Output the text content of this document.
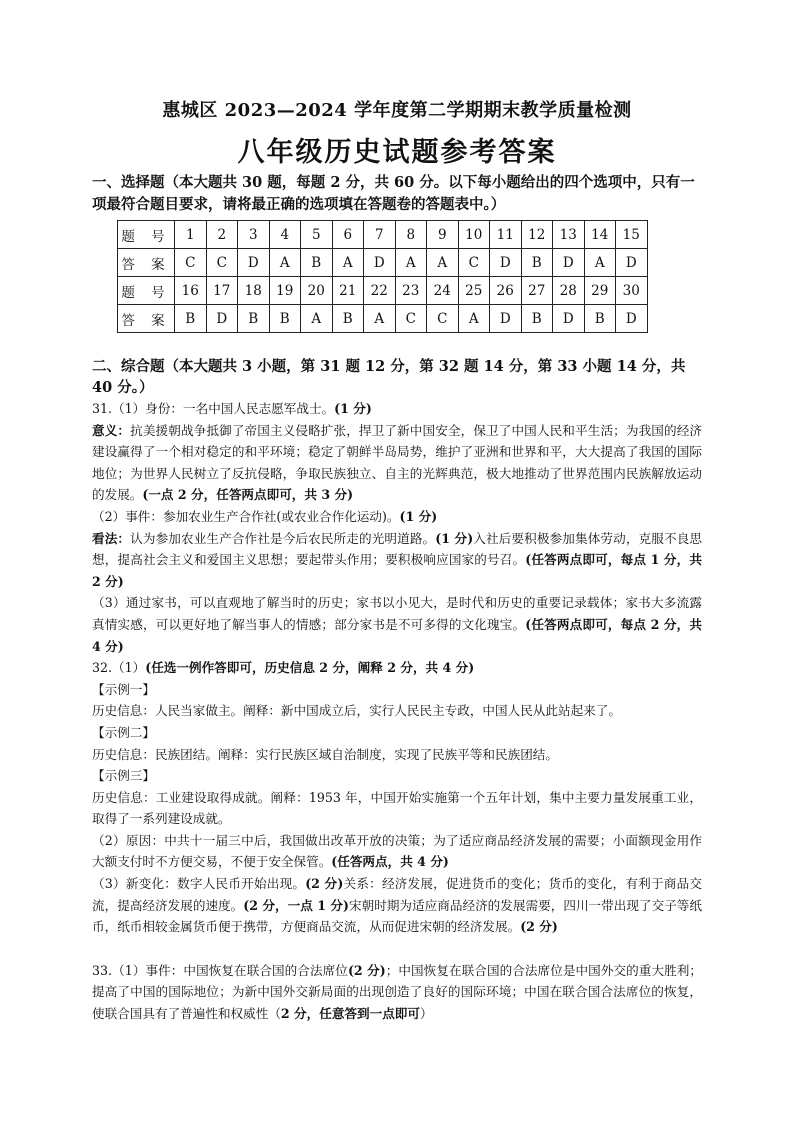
惠城区 2023—2024 学年度第二学期期末教学质量检测
八年级历史试题参考答案
一、选择题（本大题共 30 题，每题 2 分，共 60 分。以下每小题给出的四个选项中，只有一项最符合题目要求，请将最正确的选项填在答题卷的答题表中。）
题 号	1	2	3	4	5	6	7	8	9	10	11	12	13	14	15
答 案	C	C	D	A	B	A	D	A	A	C	D	B	D	A	D
题 号	16	17	18	19	20	21	22	23	24	25	26	27	28	29	30
答 案	B	D	B	B	A	B	A	C	C	A	D	B	D	B	D
二、综合题（本大题共 3 小题，第 31 题 12 分，第 32 题 14 分，第 33 小题 14 分，共 40 分。）

31.（1）身份：一名中国人民志愿军战士。(1 分)

意义：抗美援朝战争抵御了帝国主义侵略扩张，捍卫了新中国安全，保卫了中国人民和平生活；为我国的经济建设赢得了一个相对稳定的和平环境；稳定了朝鲜半岛局势，维护了亚洲和世界和平，大大提高了我国的国际地位；为世界人民树立了反抗侵略，争取民族独立、自主的光辉典范，极大地推动了世界范围内民族解放运动的发展。(一点 2 分，任答两点即可，共 3 分)

（2）事件：参加农业生产合作社(或农业合作化运动)。(1 分)

看法：认为参加农业生产合作社是今后农民所走的光明道路。(1 分)入社后要积极参加集体劳动，克服不良思想，提高社会主义和爱国主义思想；要起带头作用；要积极响应国家的号召。(任答两点即可，每点 1 分，共 2 分)

（3）通过家书，可以直观地了解当时的历史；家书以小见大，是时代和历史的重要记录载体；家书大多流露真情实感，可以更好地了解当事人的情感；部分家书是不可多得的文化瑰宝。(任答两点即可，每点 2 分，共 4 分)

32.（1）(任选一例作答即可，历史信息 2 分，阐释 2 分，共 4 分)

【示例一】

历史信息：人民当家做主。阐释：新中国成立后，实行人民民主专政，中国人民从此站起来了。

【示例二】

历史信息：民族团结。阐释：实行民族区域自治制度，实现了民族平等和民族团结。

【示例三】

历史信息：工业建设取得成就。阐释：1953 年，中国开始实施第一个五年计划，集中主要力量发展重工业，取得了一系列建设成就。

（2）原因：中共十一届三中后，我国做出改革开放的决策；为了适应商品经济发展的需要；小面额现金用作大额支付时不方便交易，不便于安全保管。(任答两点，共 4 分)

（3）新变化：数字人民币开始出现。(2 分)关系：经济发展，促进货币的变化；货币的变化，有利于商品交流，提高经济发展的速度。(2 分，一点 1 分)宋朝时期为适应商品经济的发展需要，四川一带出现了交子等纸币，纸币相较金属货币便于携带，方便商品交流，从而促进宋朝的经济发展。(2 分)

33.（1）事件：中国恢复在联合国的合法席位(2 分)；中国恢复在联合国的合法席位是中国外交的重大胜利；提高了中国的国际地位；为新中国外交新局面的出现创造了良好的国际环境；中国在联合国合法席位的恢复，使联合国具有了普遍性和权威性（2 分，任意答到一点即可）
